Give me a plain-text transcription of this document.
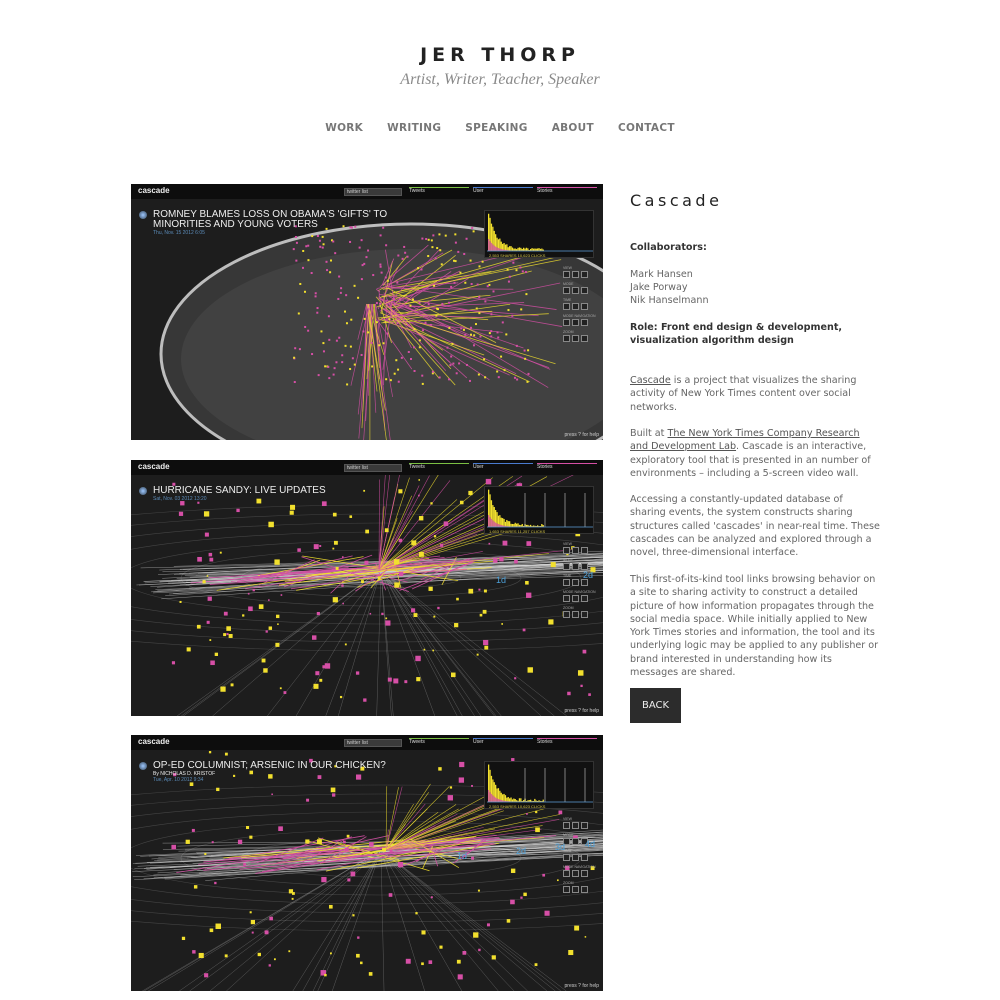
JER THORP
Artist, Writer, Teacher, Speaker
WORK WRITING SPEAKING ABOUT CONTACT
cascade	twitter list	Tweets	User	Stories
ROMNEY BLAMES LOSS ON OBAMA'S 'GIFTS' TO MINORITIES AND YOUNG VOTERS
Thu, Nov. 15 2012 6:05
2,553 SHARES 10,623 CLICKS
VIEW
MODE
TIME
MODE NAVIGATION
ZOOM
press ? for help
cascade	twitter list	Tweets	User	Stories
HURRICANE SANDY: LIVE UPDATES
Sat, Nov. 03 2012 13:20
1,653 SHARES 11,257 CLICKS
VIEW
MODE
TIME
MODE NAVIGATION
ZOOM
1d	2d
press ? for help
cascade	twitter list	Tweets	User	Stories
OP-ED COLUMNIST; ARSENIC IN OUR CHICKEN?
By NICHOLAS D. KRISTOF
Tue, Apr. 10 2012 9:34
2,553 SHARES 10,623 CLICKS
VIEW
MODE
TIME
MODE NAVIGATION
ZOOM
1d	2d	3d 4d
press ? for help
Cascade
Collaborators:
Mark Hansen
Jake Porway
Nik Hanselmann
Role: Front end design & development, visualization algorithm design
Cascade is a project that visualizes the sharing activity of New York Times content over social networks.
Built at The New York Times Company Research and Development Lab. Cascade is an interactive, exploratory tool that is presented in an number of environments – including a 5-screen video wall.
Accessing a constantly-updated database of sharing events, the system constructs sharing structures called 'cascades' in near-real time. These cascades can be analyzed and explored through a novel, three-dimensional interface.
This first-of-its-kind tool links browsing behavior on a site to sharing activity to construct a detailed picture of how information propagates through the social media space. While initially applied to New York Times stories and information, the tool and its underlying logic may be applied to any publisher or brand interested in understanding how its messages are shared.
BACK
